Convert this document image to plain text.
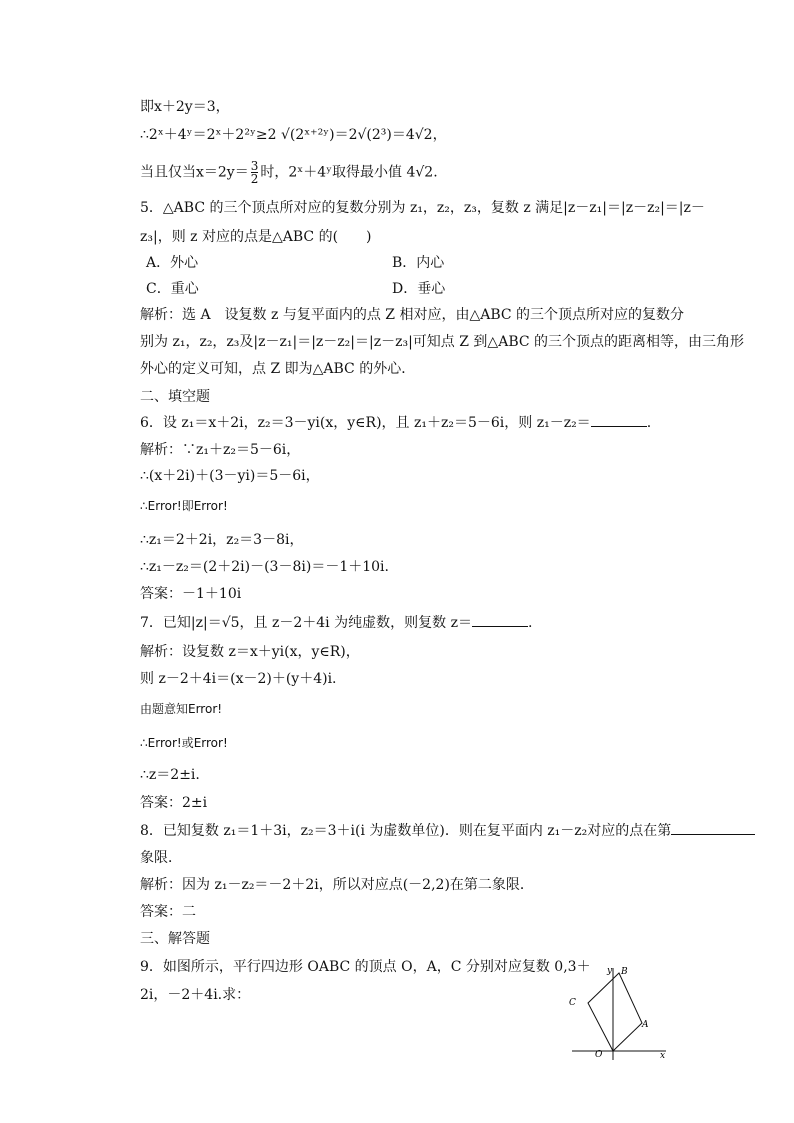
即x＋2y＝3，
∴2ˣ＋4ʸ＝2ˣ＋2²ʸ≥2 √(2ˣ⁺²ʸ)＝2√(2³)＝4√2，
当且仅当$x=2y= \frac{3}{2}$ 时，2ˣ＋4ʸ取得最小值 4√2.
5．△ABC 的三个顶点所对应的复数分别为 z₁，z₂，z₃，复数 z 满足|z－z₁|＝|z－z₂|＝|z－
z₃|，则 z 对应的点是△ABC 的(　　)
A．外心	B．内心
C．重心	D．垂心
解析：选 A　设复数 z 与复平面内的点 Z 相对应，由△ABC 的三个顶点所对应的复数分
别为 z₁，z₂，z₃及|z－z₁|＝|z－z₂|＝|z－z₃|可知点 Z 到△ABC 的三个顶点的距离相等，由三角形
外心的定义可知，点 Z 即为△ABC 的外心．
二、填空题
6．设 z₁＝x＋2i，z₂＝3－yi(x，y∈R)，且 z₁＋z₂＝5－6i，则 z₁－z₂＝	.
解析：∵z₁＋z₂＝5－6i，
∴(x＋2i)＋(3－yi)＝5－6i，
∴Error!即Error!
∴z₁＝2＋2i，z₂＝3－8i，
∴z₁－z₂＝(2＋2i)－(3－8i)＝－1＋10i.
答案：－1＋10i
7．已知|z|＝√5，且 z－2＋4i 为纯虚数，则复数 z＝	.
解析：设复数 z＝x＋yi(x，y∈R)，
则 z－2＋4i＝(x－2)＋(y＋4)i.
由题意知Error!
∴Error!或Error!
∴z＝2±i.
答案：2±i
8．已知复数 z₁＝1＋3i，z₂＝3＋i(i 为虚数单位)．则在复平面内 z₁－z₂对应的点在第
象限．
解析：因为 z₁－z₂＝－2＋2i，所以对应点(－2,2)在第二象限．
答案：二
三、解答题
9．如图所示，平行四边形 OABC 的顶点 O，A，C 分别对应复数 0,3＋
2i，－2＋4i.求：
y B
C
A
O	x
